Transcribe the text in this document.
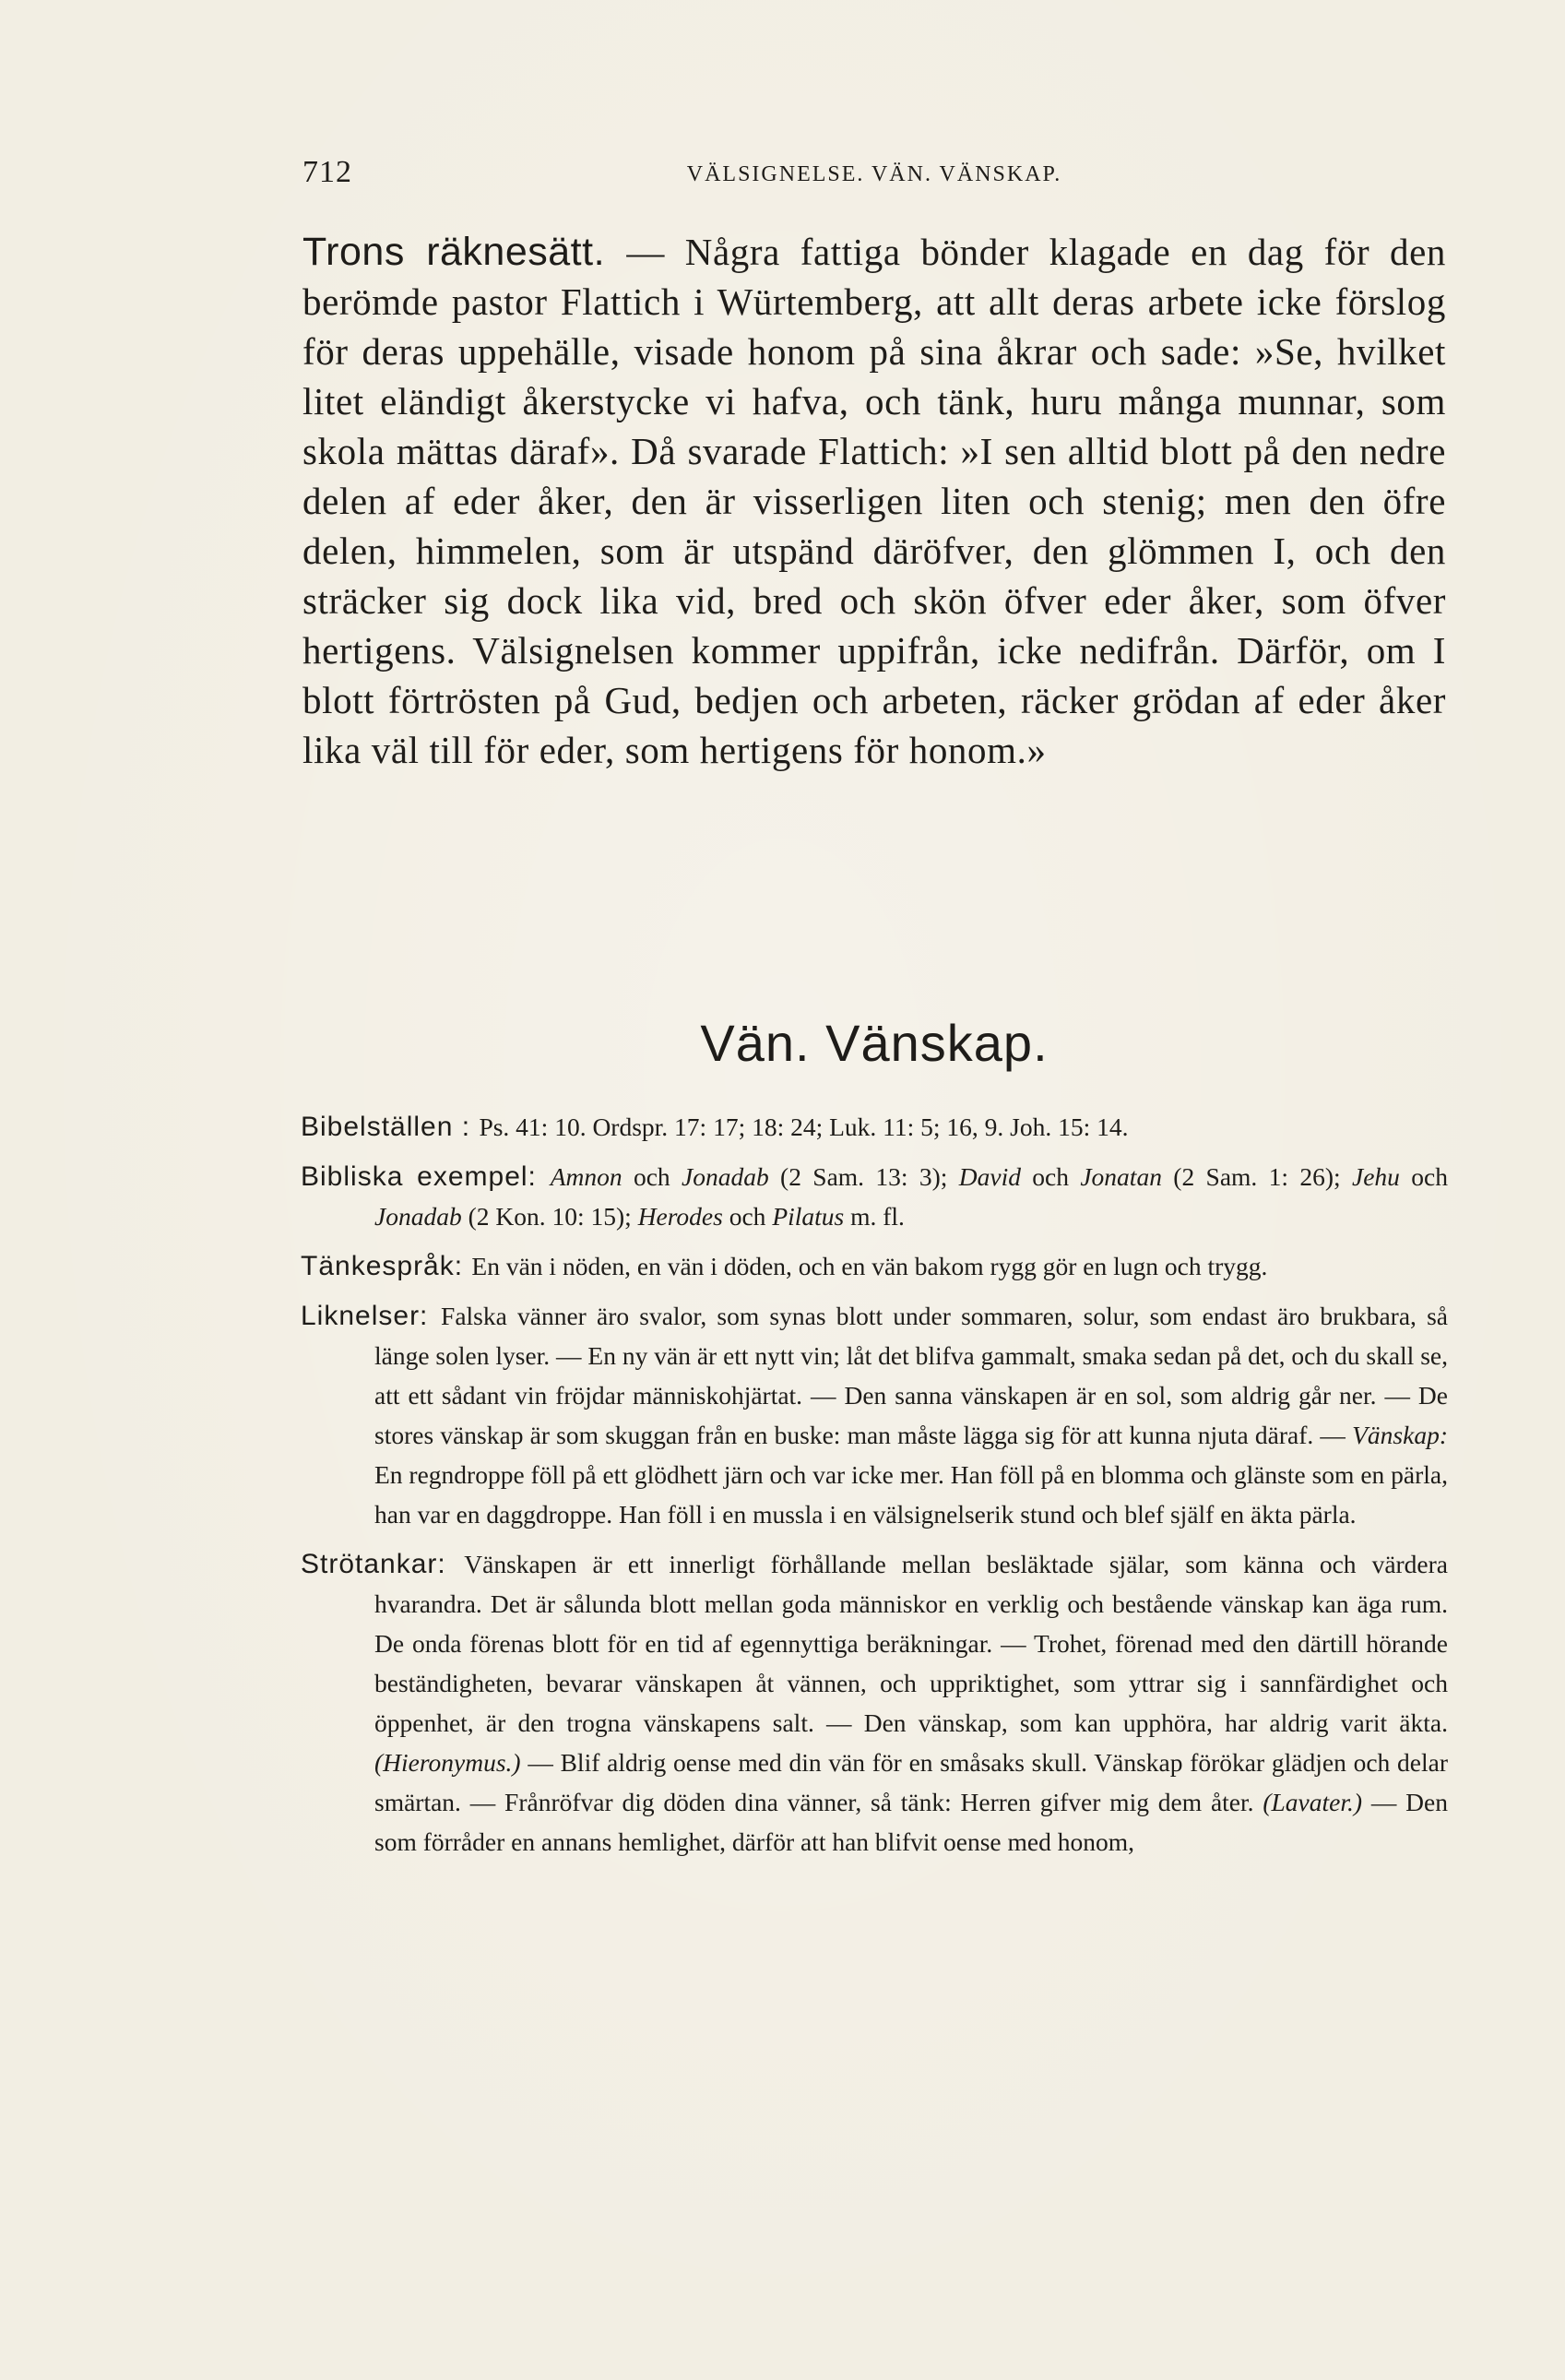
712	VÄLSIGNELSE. VÄN. VÄNSKAP.
Trons räknesätt. — Några fattiga bönder klagade en dag för den berömde pastor Flattich i Würtemberg, att allt deras arbete icke förslog för deras uppehälle, visade honom på sina åkrar och sade: »Se, hvilket litet eländigt åkerstycke vi hafva, och tänk, huru många munnar, som skola mättas däraf». Då svarade Flattich: »I sen alltid blott på den nedre delen af eder åker, den är visserligen liten och stenig; men den öfre delen, himmelen, som är utspänd däröfver, den glömmen I, och den sträcker sig dock lika vid, bred och skön öfver eder åker, som öfver hertigens. Välsignelsen kommer uppifrån, icke nedifrån. Därför, om I blott förtrösten på Gud, bedjen och arbeten, räcker grödan af eder åker lika väl till för eder, som hertigens för honom.»
Vän. Vänskap.
Bibelställen : Ps. 41: 10. Ordspr. 17: 17; 18: 24; Luk. 11: 5; 16, 9. Joh. 15: 14.
Bibliska exempel: Amnon och Jonadab (2 Sam. 13: 3); David och Jonatan (2 Sam. 1: 26); Jehu och Jonadab (2 Kon. 10: 15); Herodes och Pilatus m. fl.
Tänkespråk: En vän i nöden, en vän i döden, och en vän bakom rygg gör en lugn och trygg.
Liknelser: Falska vänner äro svalor, som synas blott under sommaren, solur, som endast äro brukbara, så länge solen lyser. — En ny vän är ett nytt vin; låt det blifva gammalt, smaka sedan på det, och du skall se, att ett sådant vin fröjdar människohjärtat. — Den sanna vänskapen är en sol, som aldrig går ner. — De stores vänskap är som skuggan från en buske: man måste lägga sig för att kunna njuta däraf. — Vänskap: En regndroppe föll på ett glödhett järn och var icke mer. Han föll på en blomma och glänste som en pärla, han var en daggdroppe. Han föll i en mussla i en välsignelserik stund och blef själf en äkta pärla.
Strötankar: Vänskapen är ett innerligt förhållande mellan besläktade själar, som känna och värdera hvarandra. Det är sålunda blott mellan goda människor en verklig och bestående vänskap kan äga rum. De onda förenas blott för en tid af egennyttiga beräkningar. — Trohet, förenad med den därtill hörande beständigheten, bevarar vänskapen åt vännen, och uppriktighet, som yttrar sig i sannfärdighet och öppenhet, är den trogna vänskapens salt. — Den vänskap, som kan upphöra, har aldrig varit äkta. (Hieronymus.) — Blif aldrig oense med din vän för en småsaks skull. Vänskap förökar glädjen och delar smärtan. — Frånröfvar dig döden dina vänner, så tänk: Herren gifver mig dem åter. (Lavater.) — Den som förråder en annans hemlighet, därför att han blifvit oense med honom,
